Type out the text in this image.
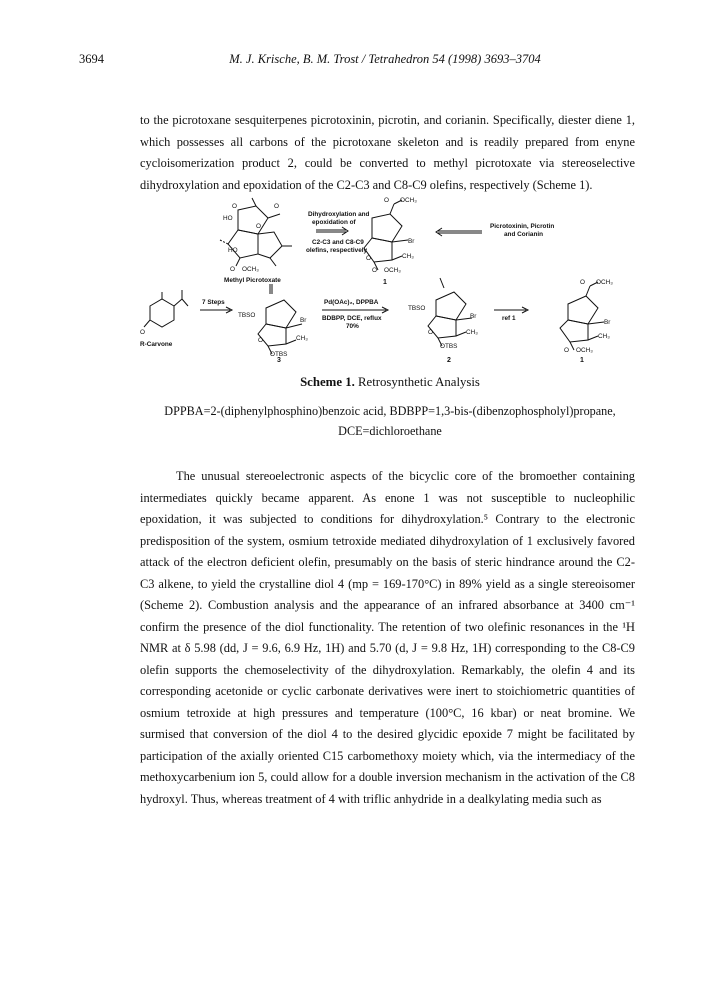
3694	M. J. Krische, B. M. Trost / Tetrahedron 54 (1998) 3693–3704
to the picrotoxane sesquiterpenes picrotoxinin, picrotin, and corianin. Specifically, diester diene 1, which possesses all carbons of the picrotoxane skeleton and is readily prepared from enyne cycloisomerization product 2, could be converted to methyl picrotoxate via stereoselective dihydroxylation and epoxidation of the C2-C3 and C8-C9 olefins, respectively (Scheme 1).
O	O
HO
O
HO
O OCH₃
Methyl Picrotoxate
Dihydroxylation and
epoxidation of
C2-C3 and C8-C9
olefins, respectively
O OCH₃
Br
O	CH₃
O OCH₃
1
Picrotoxinin, Picrotin
and Corianin
O
R-Carvone
7 Steps
TBSO
Br
O	CH₃
OTBS
3
Pd(OAc)₂, DPPBA
BDBPP, DCE, reflux
70%
TBSO
Br
O	CH₃
OTBS
2
ref 1
O OCH₃
Br
CH₃
O OCH₃
1
Scheme 1. Retrosynthetic Analysis
DPPBA=2-(diphenylphosphino)benzoic acid, BDBPP=1,3-bis-(dibenzophospholyl)propane,
DCE=dichloroethane
The unusual stereoelectronic aspects of the bicyclic core of the bromoether containing intermediates quickly became apparent. As enone 1 was not susceptible to nucleophilic epoxidation, it was subjected to conditions for dihydroxylation.⁵ Contrary to the electronic predisposition of the system, osmium tetroxide mediated dihydroxylation of 1 exclusively favored attack of the electron deficient olefin, presumably on the basis of steric hindrance around the C2-C3 alkene, to yield the crystalline diol 4 (mp = 169-170°C) in 89% yield as a single stereoisomer (Scheme 2). Combustion analysis and the appearance of an infrared absorbance at 3400 cm⁻¹ confirm the presence of the diol functionality. The retention of two olefinic resonances in the ¹H NMR at δ 5.98 (dd, J = 9.6, 6.9 Hz, 1H) and 5.70 (d, J = 9.8 Hz, 1H) corresponding to the C8-C9 olefin supports the chemoselectivity of the dihydroxylation. Remarkably, the olefin 4 and its corresponding acetonide or cyclic carbonate derivatives were inert to stoichiometric quantities of osmium tetroxide at high pressures and temperature (100°C, 16 kbar) or neat bromine. We surmised that conversion of the diol 4 to the desired glycidic epoxide 7 might be facilitated by participation of the axially oriented C15 carbomethoxy moiety which, via the intermediacy of the methoxycarbenium ion 5, could allow for a double inversion mechanism in the activation of the C8 hydroxyl. Thus, whereas treatment of 4 with triflic anhydride in a dealkylating media such as
